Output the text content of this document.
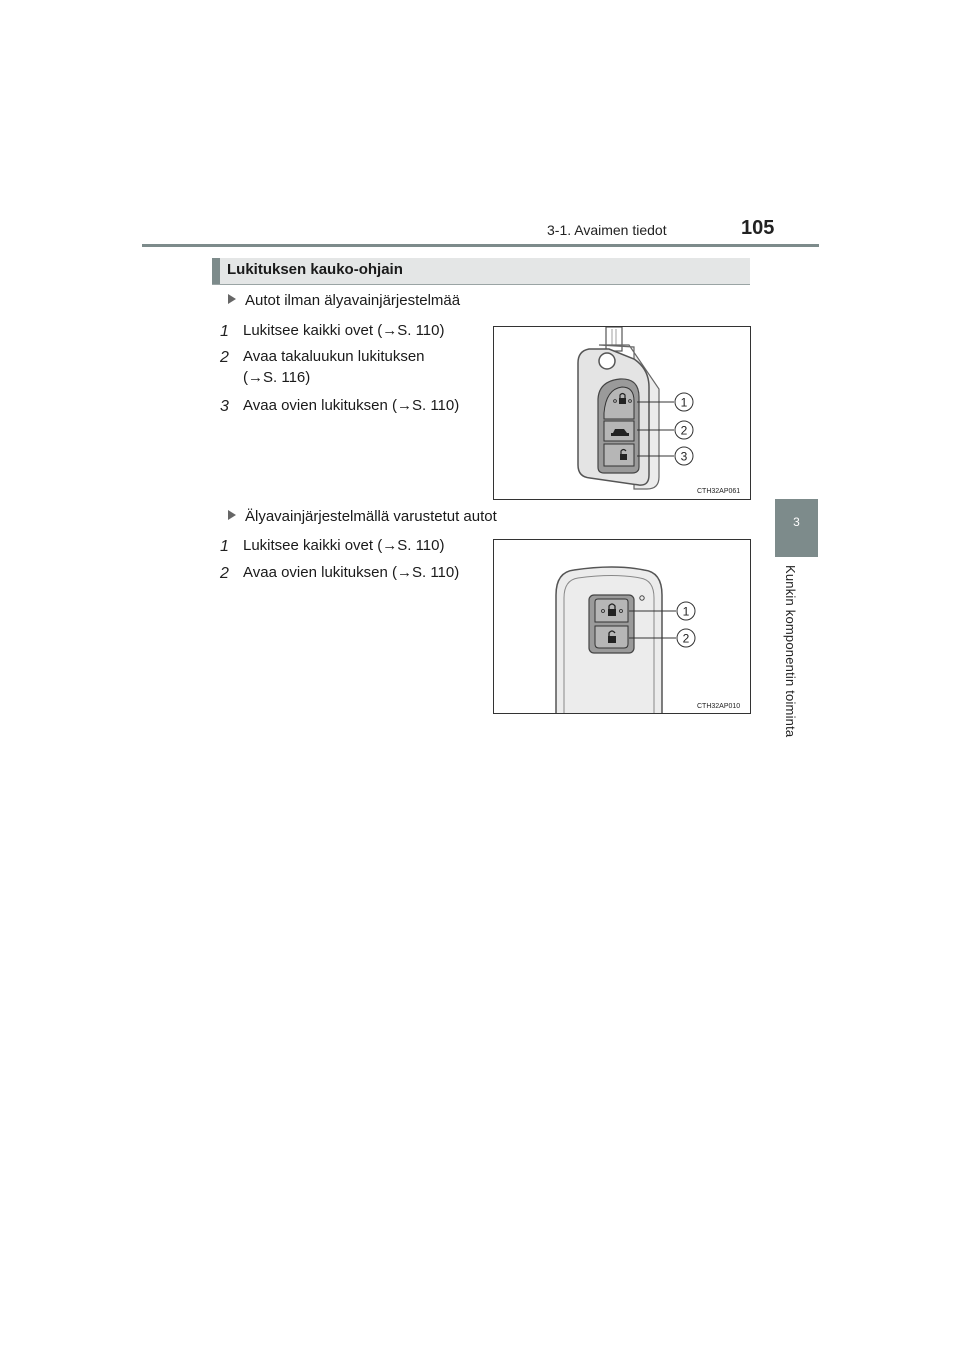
3-1. Avaimen tiedot	105
3
Kunkin komponentin toiminta
Lukituksen kauko-ohjain
Autot ilman älyavainjärjestelmää
1 Lukitsee kaikki ovet (→S. 110)
2 Avaa takaluukun lukituksen
(→S. 116)
3 Avaa ovien lukituksen (→S. 110)	1
2
3
CTH32AP061
Älyavainjärjestelmällä varustetut autot
1 Lukitsee kaikki ovet (→S. 110)
2 Avaa ovien lukituksen (→S. 110)
1
2
CTH32AP010
